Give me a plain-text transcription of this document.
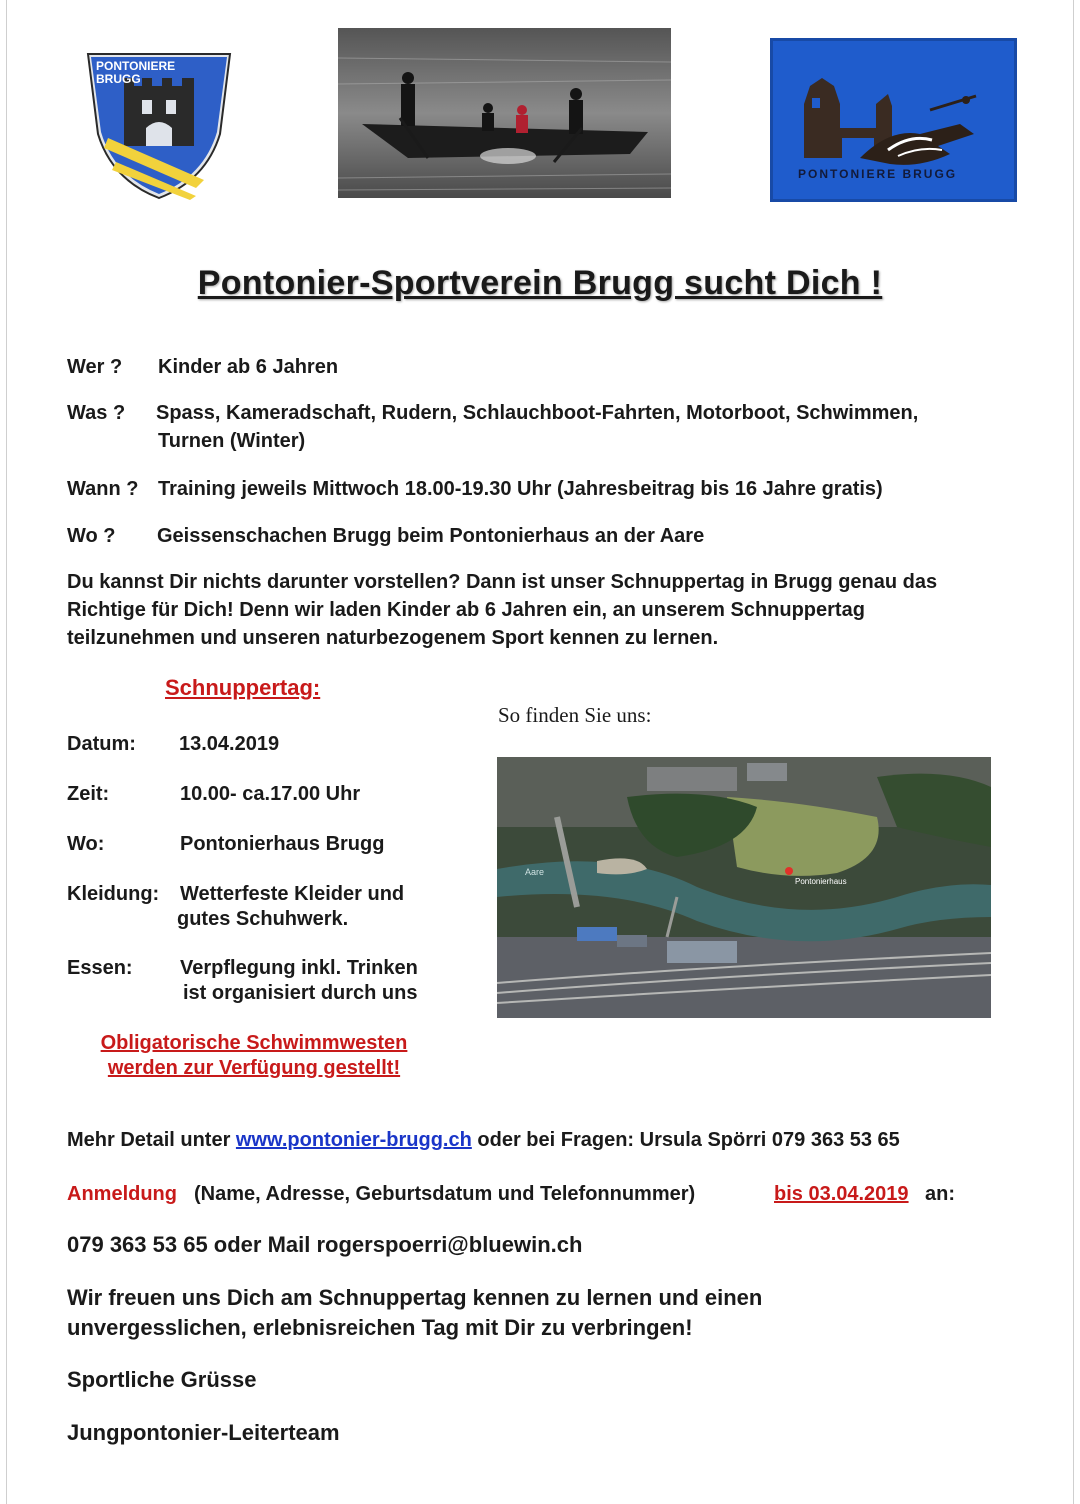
PONTONIERE
BRUGG
PONTONIERE BRUGG
Pontonier-Sportverein Brugg sucht Dich !
Wer ? Kinder ab 6 Jahren
Was ? Spass, Kameradschaft, Rudern, Schlauchboot-Fahrten, Motorboot, Schwimmen,
Turnen (Winter)
Wann ? Training jeweils Mittwoch 18.00-19.30 Uhr (Jahresbeitrag bis 16 Jahre gratis)
Wo ? Geissenschachen Brugg beim Pontonierhaus an der Aare
Du kannst Dir nichts darunter vorstellen? Dann ist unser Schnuppertag in Brugg genau das
Richtige für Dich! Denn wir laden Kinder ab 6 Jahren ein, an unserem Schnuppertag
teilzunehmen und unseren naturbezogenem Sport kennen zu lernen.
Schnuppertag:
Datum: 13.04.2019
Zeit:	10.00- ca.17.00 Uhr
Wo:	Pontonierhaus Brugg
Kleidung: Wetterfeste Kleider und
gutes Schuhwerk.
Essen: Verpflegung inkl. Trinken
ist organisiert durch uns
Obligatorische Schwimmwesten
werden zur Verfügung gestellt!
So finden Sie uns:
Aare
Pontonierhaus
Mehr Detail unter www.pontonier-brugg.ch oder bei Fragen: Ursula Spörri 079 363 53 65
Anmeldung (Name, Adresse, Geburtsdatum und Telefonnummer)	bis 03.04.2019 an:
079 363 53 65 oder Mail rogerspoerri@bluewin.ch
Wir freuen uns Dich am Schnuppertag kennen zu lernen und einen
unvergesslichen, erlebnisreichen Tag mit Dir zu verbringen!
Sportliche Grüsse
Jungpontonier-Leiterteam
